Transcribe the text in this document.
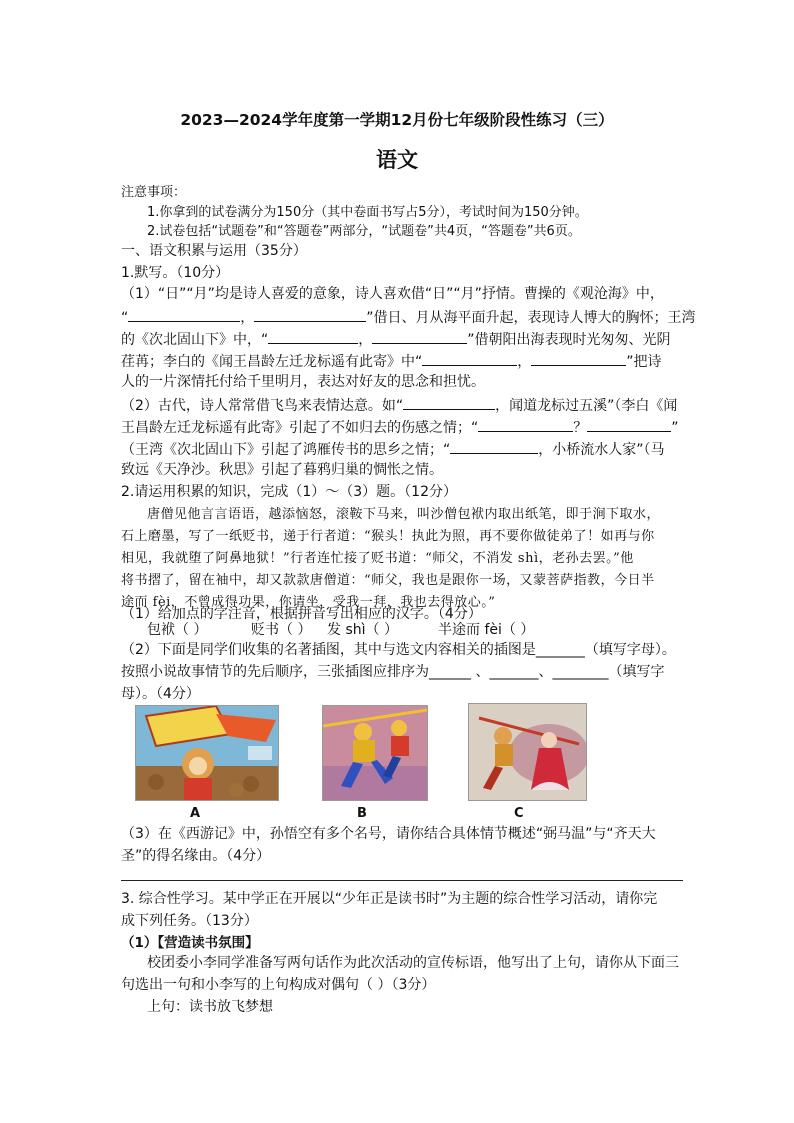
2023—2024学年度第一学期12月份七年级阶段性练习（三）
语文
注意事项：
1.你拿到的试卷满分为150分（其中卷面书写占5分），考试时间为150分钟。
2.试卷包括“试题卷”和“答题卷”两部分，“试题卷”共4页，“答题卷”共6页。
一、语文积累与运用（35分）
1.默写。（10分）
（1）“日”“月”均是诗人喜爱的意象，诗人喜欢借“日”“月”抒情。曹操的《观沧海》中，
“	，	”借日、月从海平面升起，表现诗人博大的胸怀；王湾
的《次北固山下》中，“	，	”借朝阳出海表现时光匆匆、光阴
荏苒；李白的《闻王昌龄左迁龙标遥有此寄》中“	，	”把诗
人的一片深情托付给千里明月，表达对好友的思念和担忧。
（2）古代，诗人常常借飞鸟来表情达意。如“	，闻道龙标过五溪”（李白《闻
王昌龄左迁龙标遥有此寄》引起了不如归去的伤感之情；“	？	”
（王湾《次北固山下》引起了鸿雁传书的思乡之情；“	，小桥流水人家”（马
致远《天净沙。秋思》引起了暮鸦归巢的惆怅之情。
2.请运用积累的知识，完成（1）～（3）题。（12分）
唐僧见他言言语语，越添恼怒，滚鞍下马来，叫沙僧包袱内取出纸笔，即于涧下取水，
石上磨墨，写了一纸贬书，递于行者道：“猴头！执此为照，再不要你做徒弟了！如再与你
相见，我就堕了阿鼻地狱！”行者连忙接了贬书道：“师父，不消发 shì，老孙去罢。”他
将书摺了，留在袖中，却又款款唐僧道：“师父，我也是跟你一场，又蒙菩萨指教，今日半
途而 fèi，不曾成得功果，你请坐，受我一拜，我也去得放心。”
（1）给加点的字注音，根据拼音写出相应的汉字。（4分）
包袱（ ）	贬书（ ） 发 shì（ ）	半途而 fèi（ ）
（2）下面是同学们收集的名著插图，其中与选文内容相关的插图是_______（填写字母）。
按照小说故事情节的先后顺序，三张插图应排序为______ 、_______、________（填写字
母）。（4分）
A	B	C
（3）在《西游记》中，孙悟空有多个名号，请你结合具体情节概述“弼马温”与“齐天大
圣”的得名缘由。（4分）
3. 综合性学习。某中学正在开展以“少年正是读书时”为主题的综合性学习活动，请你完
成下列任务。（13分）
（1）【营造读书氛围】
校团委小李同学准备写两句话作为此次活动的宣传标语，他写出了上句，请你从下面三
句选出一句和小李写的上句构成对偶句（ ）（3分）
上句：读书放飞梦想
